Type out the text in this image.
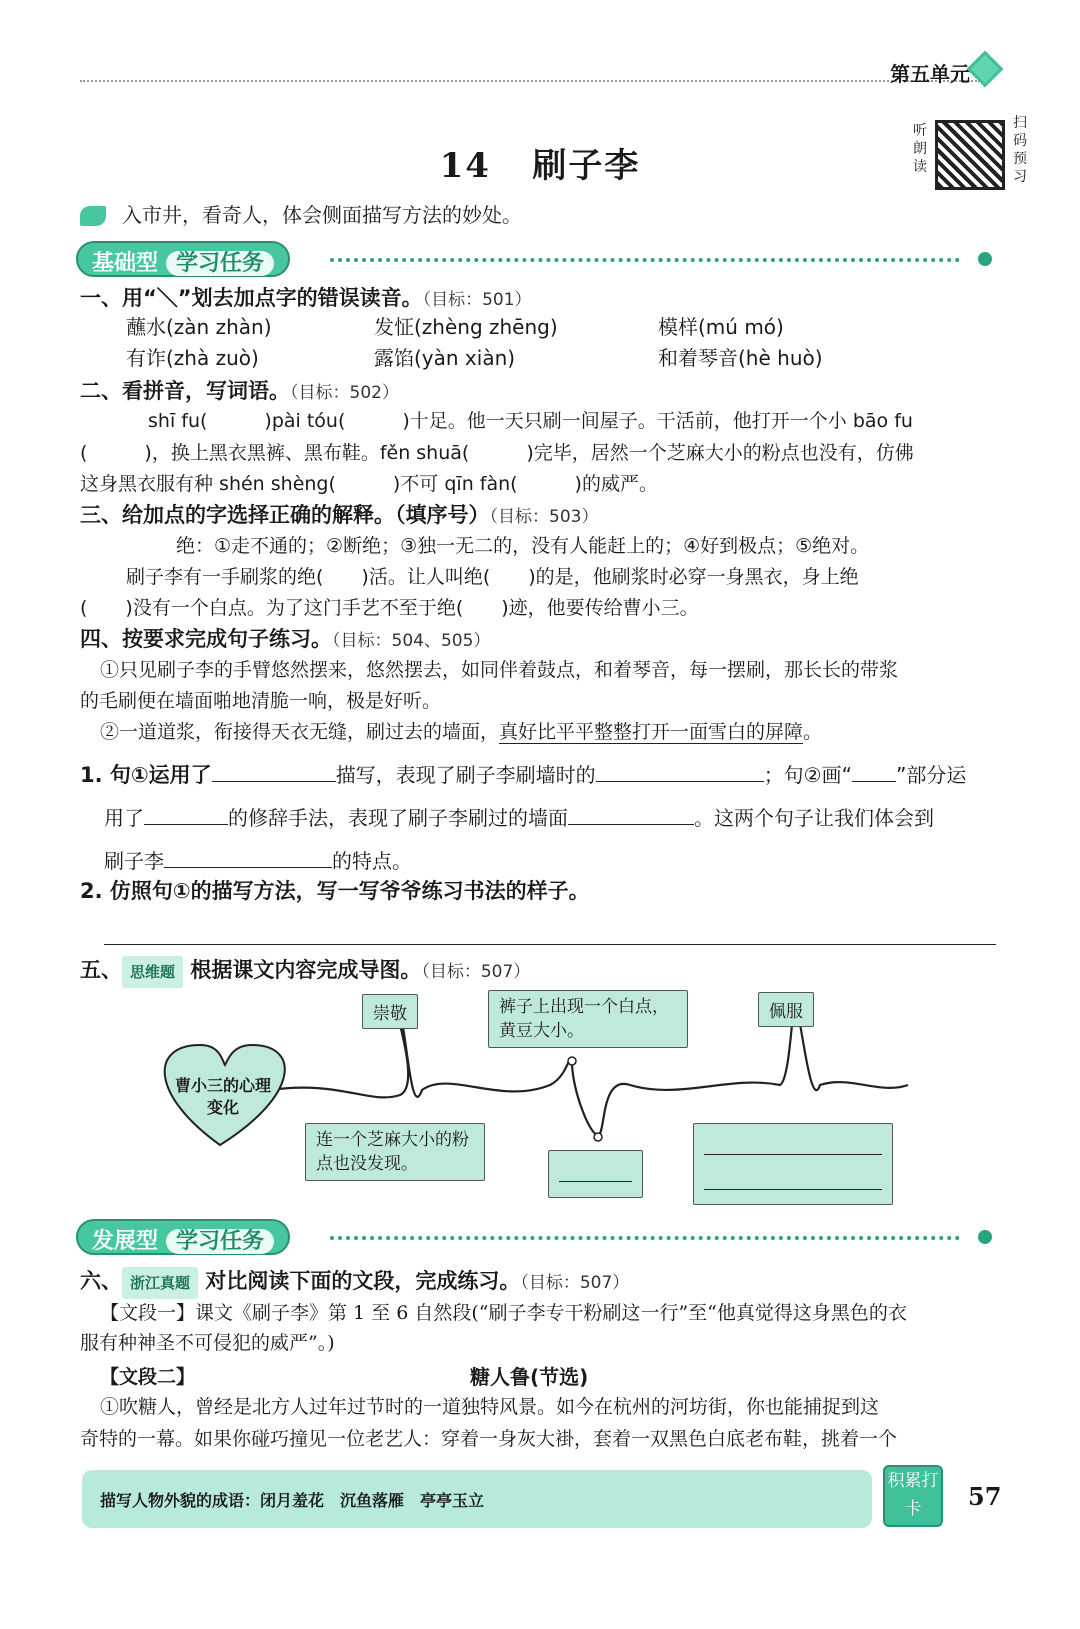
第五单元
14 刷子李
听朗读
扫码预习
入市井，看奇人，体会侧面描写方法的妙处。
基础型 学习任务
一、用“＼”划去加点字的错误读音。（目标：501）
蘸水(zàn zhàn)	发怔(zhèng zhēng)	模样(mú mó)
有诈(zhà zuò)	露馅(yàn xiàn)	和着琴音(hè huò)
二、看拼音，写词语。（目标：502）
shī fu(　　　)pài tóu(　　　)十足。他一天只刷一间屋子。干活前，他打开一个小 bāo fu
(　　　)，换上黑衣黑裤、黑布鞋。fěn shuā(　　　)完毕，居然一个芝麻大小的粉点也没有，仿佛
这身黑衣服有种 shén shèng(　　　)不可 qīn fàn(　　　)的威严。
三、给加点的字选择正确的解释。（填序号）（目标：503）
绝：①走不通的；②断绝；③独一无二的，没有人能赶上的；④好到极点；⑤绝对。
刷子李有一手刷浆的绝(　　)活。让人叫绝(　　)的是，他刷浆时必穿一身黑衣，身上绝
(　　)没有一个白点。为了这门手艺不至于绝(　　)迹，他要传给曹小三。
四、按要求完成句子练习。（目标：504、505）
①只见刷子李的手臂悠然摆来，悠然摆去，如同伴着鼓点，和着琴音，每一摆刷，那长长的带浆
的毛刷便在墙面啪地清脆一响，极是好听。
②一道道浆，衔接得天衣无缝，刷过去的墙面，真好比平平整整打开一面雪白的屏障。
1. 句①运用了	描写，表现了刷子李刷墙时的	；句②画“ ”部分运
用了	的修辞手法，表现了刷子李刷过的墙面	。这两个句子让我们体会到
刷子李	的特点。
2. 仿照句①的描写方法，写一写爷爷练习书法的样子。
五、 思维题 根据课文内容完成导图。（目标：507）
曹小三的心理变化
崇敬	裤子上出现一个白点，黄豆大小。
佩服
连一个芝麻大小的粉点也没发现。
发展型 学习任务
六、 浙江真题 对比阅读下面的文段，完成练习。（目标：507）
【文段一】课文《刷子李》第 1 至 6 自然段(“刷子李专干粉刷这一行”至“他真觉得这身黑色的衣
服有种神圣不可侵犯的威严”。)
【文段二】	糖人鲁(节选)
①吹糖人，曾经是北方人过年过节时的一道独特风景。如今在杭州的河坊街，你也能捕捉到这
奇特的一幕。如果你碰巧撞见一位老艺人：穿着一身灰大褂，套着一双黑色白底老布鞋，挑着一个
描写人物外貌的成语：闭月羞花　沉鱼落雁　亭亭玉立
积累打卡	57
